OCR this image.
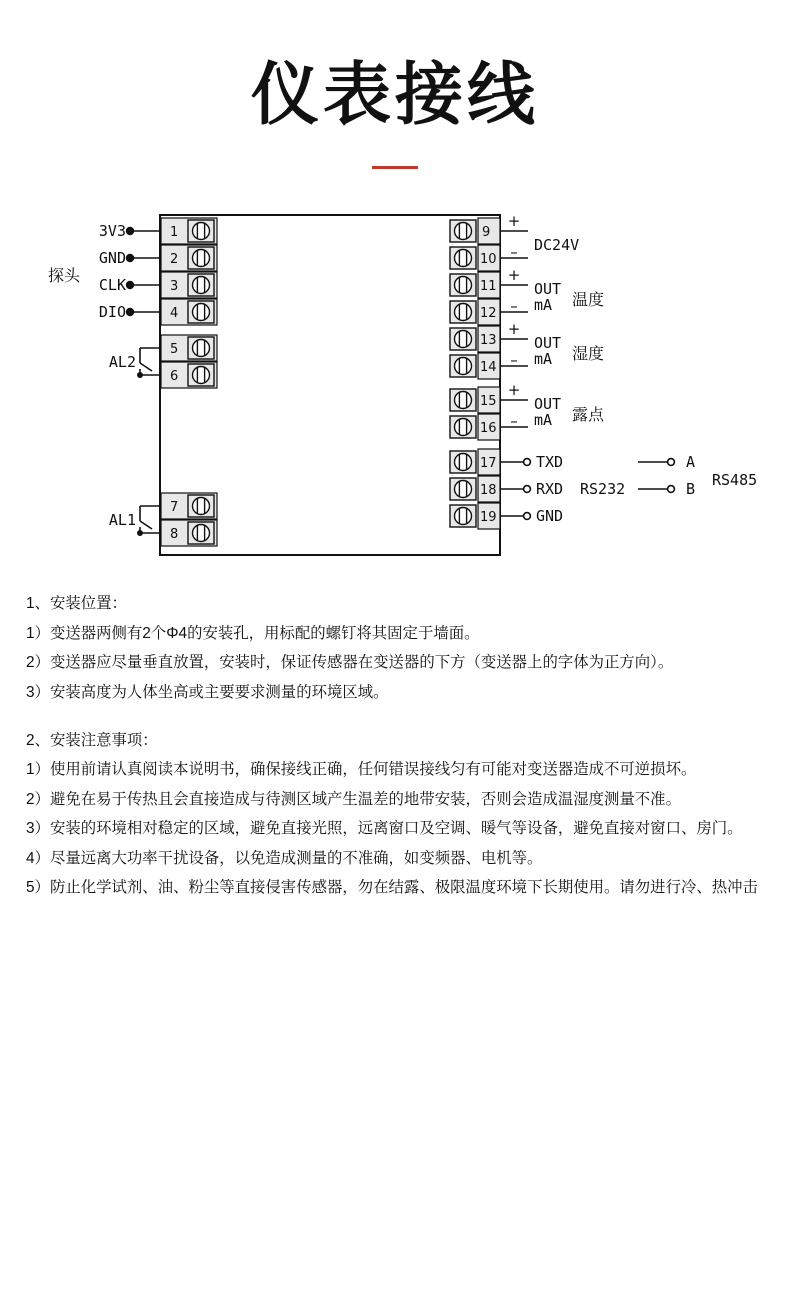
仪表接线
1
2
3
4
5
6
7
8
3V3
GND
CLK
DIO
AL2
AL1
探头
9
10
11
12
13
14
15
16
17
18
19
+
–
+
–
+
–
+
–
DC24V
OUT
mA
OUT
mA
OUT
mA
温度
湿度
露点
TXD
RXD
GND
RS232	RS485
A
B

1、安装位置：

1）变送器两侧有2个Φ4的安装孔，用标配的螺钉将其固定于墙面。

2）变送器应尽量垂直放置，安装时，保证传感器在变送器的下方（变送器上的字体为正方向）。

3）安装高度为人体坐高或主要要求测量的环境区域。

2、安装注意事项：

1）使用前请认真阅读本说明书，确保接线正确，任何错误接线匀有可能对变送器造成不可逆损坏。

2）避免在易于传热且会直接造成与待测区域产生温差的地带安装，否则会造成温湿度测量不准。

3）安装的环境相对稳定的区域，避免直接光照，远离窗口及空调、暖气等设备，避免直接对窗口、房门。

4）尽量远离大功率干扰设备，以免造成测量的不准确，如变频器、电机等。

5）防止化学试剂、油、粉尘等直接侵害传感器，勿在结露、极限温度环境下长期使用。请勿进行冷、热冲击
